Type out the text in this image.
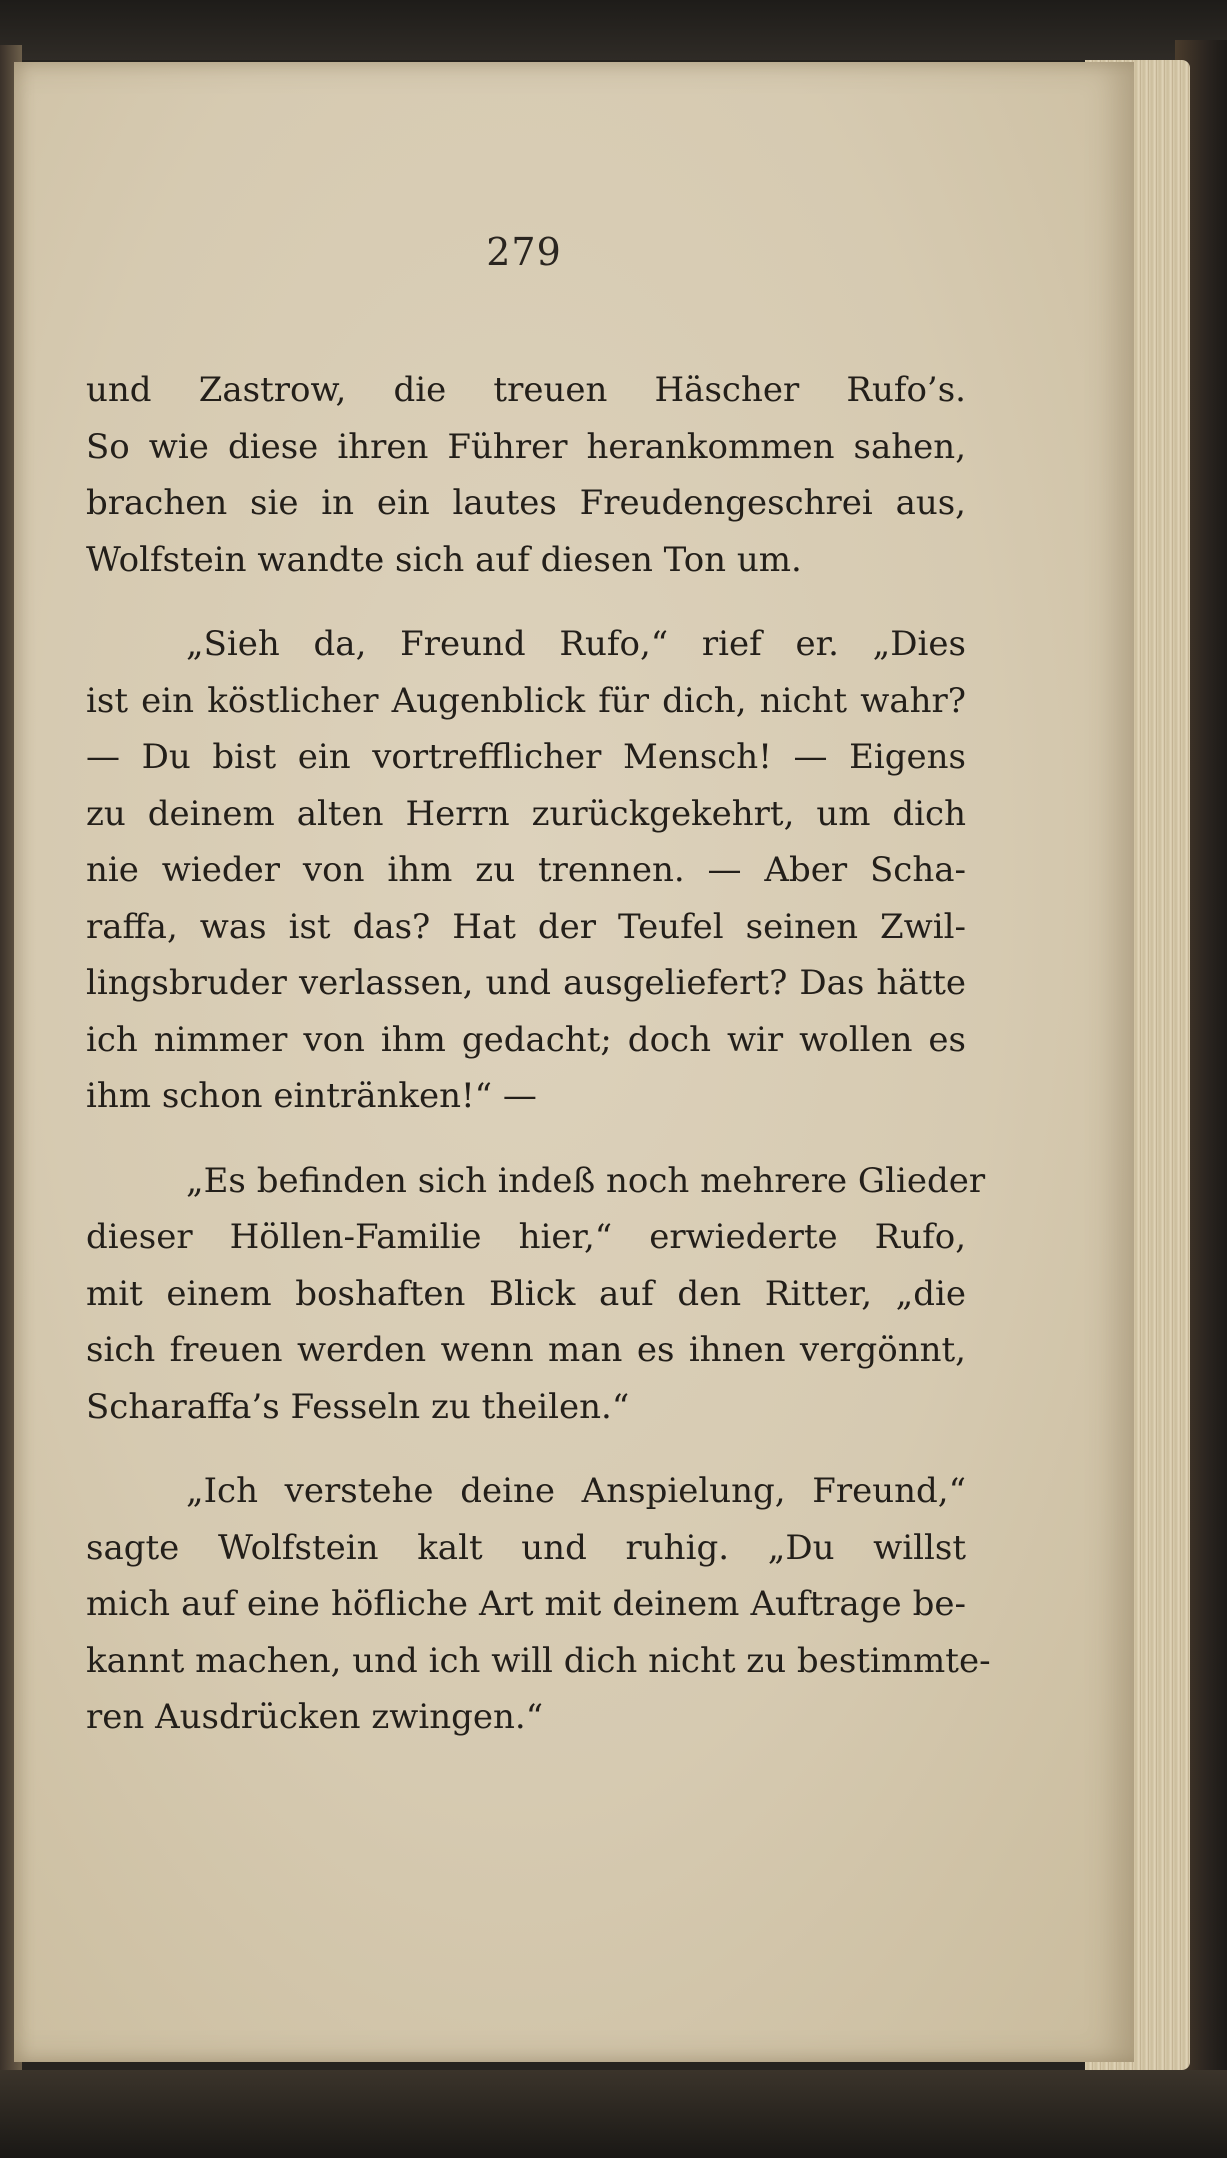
279
und Zastrow, die treuen Häscher Rufo’s.
So wie diese ihren Führer herankommen sahen,
brachen sie in ein lautes Freudengeschrei aus,
Wolfstein wandte sich auf diesen Ton um.
„Sieh da, Freund Rufo,“ rief er. „Dies
ist ein köstlicher Augenblick für dich, nicht wahr?
— Du bist ein vortrefflicher Mensch! — Eigens
zu deinem alten Herrn zurückgekehrt, um dich
nie wieder von ihm zu trennen. — Aber Scha-
raffa, was ist das? Hat der Teufel seinen Zwil-
lingsbruder verlassen, und ausgeliefert? Das hätte
ich nimmer von ihm gedacht; doch wir wollen es
ihm schon eintränken!“ —
„Es befinden sich indeß noch mehrere Glieder
dieser Höllen-Familie hier,“ erwiederte Rufo,
mit einem boshaften Blick auf den Ritter, „die
sich freuen werden wenn man es ihnen vergönnt,
Scharaffa’s Fesseln zu theilen.“
„Ich verstehe deine Anspielung, Freund,“
sagte Wolfstein kalt und ruhig. „Du willst
mich auf eine höfliche Art mit deinem Auftrage be-
kannt machen, und ich will dich nicht zu bestimmte-
ren Ausdrücken zwingen.“
